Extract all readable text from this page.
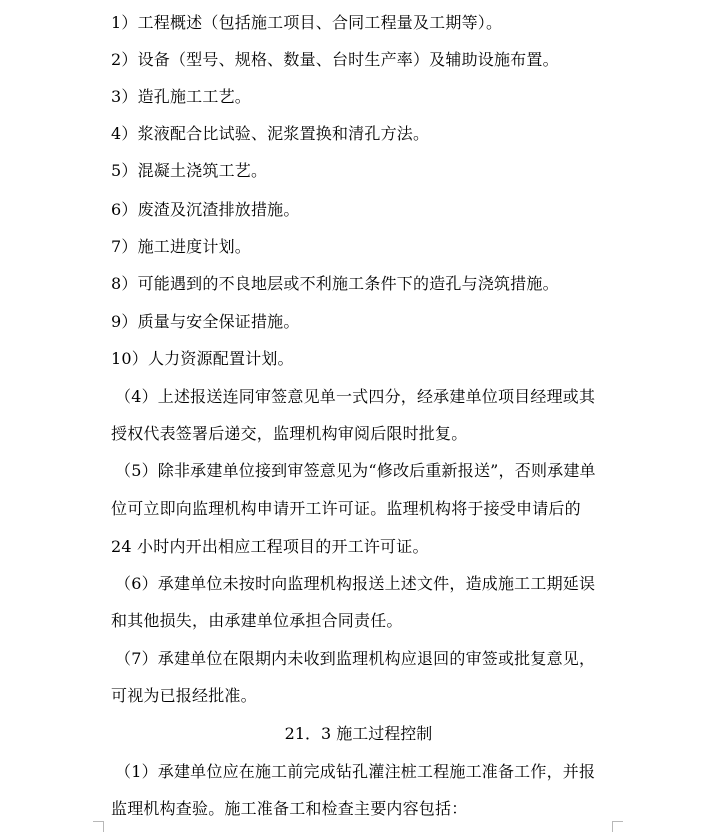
1）工程概述（包括施工项目、合同工程量及工期等）。
2）设备（型号、规格、数量、台时生产率）及辅助设施布置。
3）造孔施工工艺。
4）浆液配合比试验、泥浆置换和清孔方法。
5）混凝土浇筑工艺。
6）废渣及沉渣排放措施。
7）施工进度计划。
8）可能遇到的不良地层或不利施工条件下的造孔与浇筑措施。
9）质量与安全保证措施。
10）人力资源配置计划。
（4）上述报送连同审签意见单一式四分，经承建单位项目经理或其
授权代表签署后递交，监理机构审阅后限时批复。
（5）除非承建单位接到审签意见为“修改后重新报送”，否则承建单
位可立即向监理机构申请开工许可证。监理机构将于接受申请后的
24 小时内开出相应工程项目的开工许可证。
（6）承建单位未按时向监理机构报送上述文件，造成施工工期延误
和其他损失，由承建单位承担合同责任。
（7）承建单位在限期内未收到监理机构应退回的审签或批复意见，
可视为已报经批准。
21．3 施工过程控制
（1）承建单位应在施工前完成钻孔灌注桩工程施工准备工作，并报
监理机构查验。施工准备工和检查主要内容包括：
